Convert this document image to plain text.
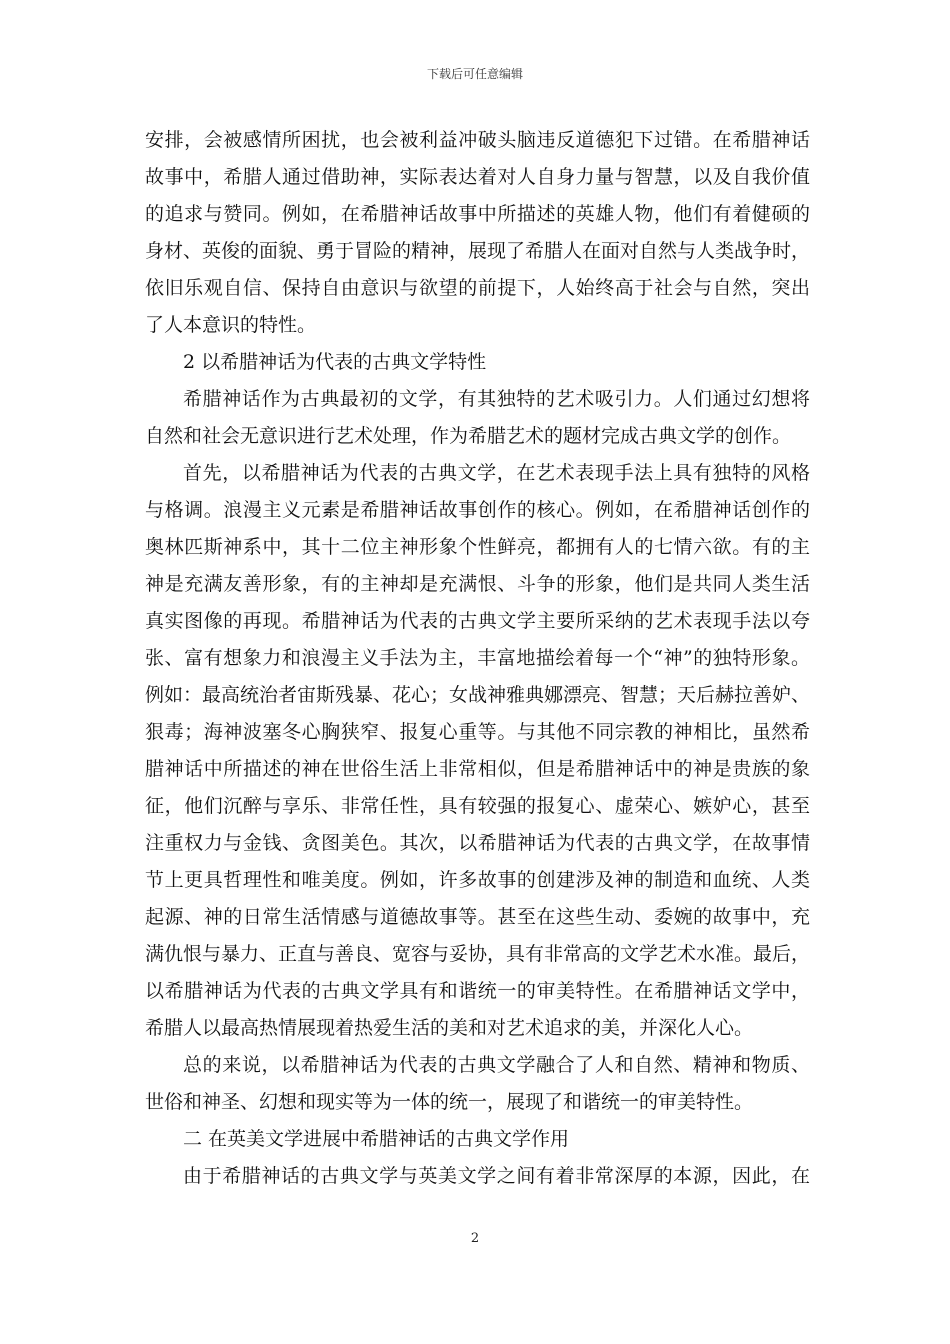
下载后可任意编辑
安排，会被感情所困扰，也会被利益冲破头脑违反道德犯下过错。在希腊神话
故事中，希腊人通过借助神，实际表达着对人自身力量与智慧，以及自我价值
的追求与赞同。例如，在希腊神话故事中所描述的英雄人物，他们有着健硕的
身材、英俊的面貌、勇于冒险的精神，展现了希腊人在面对自然与人类战争时，
依旧乐观自信、保持自由意识与欲望的前提下，人始终高于社会与自然，突出
了人本意识的特性。
2 以希腊神话为代表的古典文学特性
希腊神话作为古典最初的文学，有其独特的艺术吸引力。人们通过幻想将
自然和社会无意识进行艺术处理，作为希腊艺术的题材完成古典文学的创作。
首先，以希腊神话为代表的古典文学，在艺术表现手法上具有独特的风格
与格调。浪漫主义元素是希腊神话故事创作的核心。例如，在希腊神话创作的
奥林匹斯神系中，其十二位主神形象个性鲜亮，都拥有人的七情六欲。有的主
神是充满友善形象，有的主神却是充满恨、斗争的形象，他们是共同人类生活
真实图像的再现。希腊神话为代表的古典文学主要所采纳的艺术表现手法以夸
张、富有想象力和浪漫主义手法为主，丰富地描绘着每一个“神”的独特形象。
例如：最高统治者宙斯残暴、花心；女战神雅典娜漂亮、智慧；天后赫拉善妒、
狠毒；海神波塞冬心胸狭窄、报复心重等。与其他不同宗教的神相比，虽然希
腊神话中所描述的神在世俗生活上非常相似，但是希腊神话中的神是贵族的象
征，他们沉醉与享乐、非常任性，具有较强的报复心、虚荣心、嫉妒心，甚至
注重权力与金钱、贪图美色。其次，以希腊神话为代表的古典文学，在故事情
节上更具哲理性和唯美度。例如，许多故事的创建涉及神的制造和血统、人类
起源、神的日常生活情感与道德故事等。甚至在这些生动、委婉的故事中，充
满仇恨与暴力、正直与善良、宽容与妥协，具有非常高的文学艺术水准。最后，
以希腊神话为代表的古典文学具有和谐统一的审美特性。在希腊神话文学中，
希腊人以最高热情展现着热爱生活的美和对艺术追求的美，并深化人心。
总的来说，以希腊神话为代表的古典文学融合了人和自然、精神和物质、
世俗和神圣、幻想和现实等为一体的统一，展现了和谐统一的审美特性。
二 在英美文学进展中希腊神话的古典文学作用
由于希腊神话的古典文学与英美文学之间有着非常深厚的本源，因此，在
2
